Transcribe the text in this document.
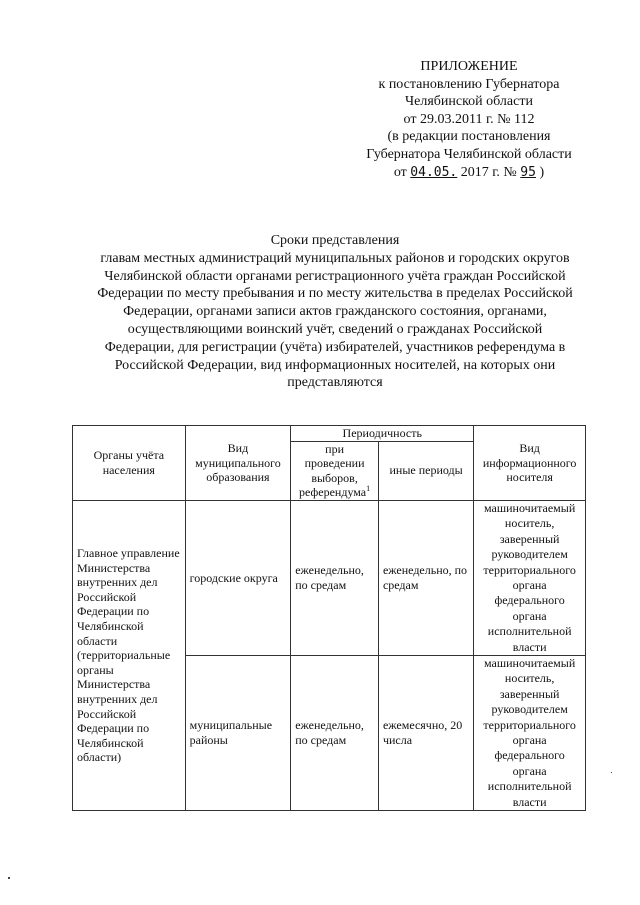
ПРИЛОЖЕНИЕ
к постановлению Губернатора
Челябинской области
от 29.03.2011 г. № 112
(в редакции постановления
Губернатора Челябинской области
от 04.05. 2017 г. № 95 )
Сроки представления
главам местных администраций муниципальных районов и городских округов
Челябинской области органами регистрационного учёта граждан Российской
Федерации по месту пребывания и по месту жительства в пределах Российской
Федерации, органами записи актов гражданского состояния, органами,
осуществляющими воинский учёт, сведений о гражданах Российской
Федерации, для регистрации (учёта) избирателей, участников референдума в
Российской Федерации, вид информационных носителей, на которых они
представляются
Органы учёта населения	Вид муниципального образования	Периодичность		Вид информационного носителя
		при проведении выборов, референдума$^1$	иные периоды	
Главное управление Министерства внутренних дел Российской Федерации по Челябинской области (территориальные органы Министерства внутренних дел Российской Федерации по Челябинской области)	городские округа	еженедельно, по средам	еженедельно, по средам	машиночитаемый носитель, заверенный руководителем территориального органа федерального органа исполнительной власти
	муниципальные районы	еженедельно, по средам	ежемесячно, 20 числа	машиночитаемый носитель, заверенный руководителем территориального органа федерального органа исполнительной власти
